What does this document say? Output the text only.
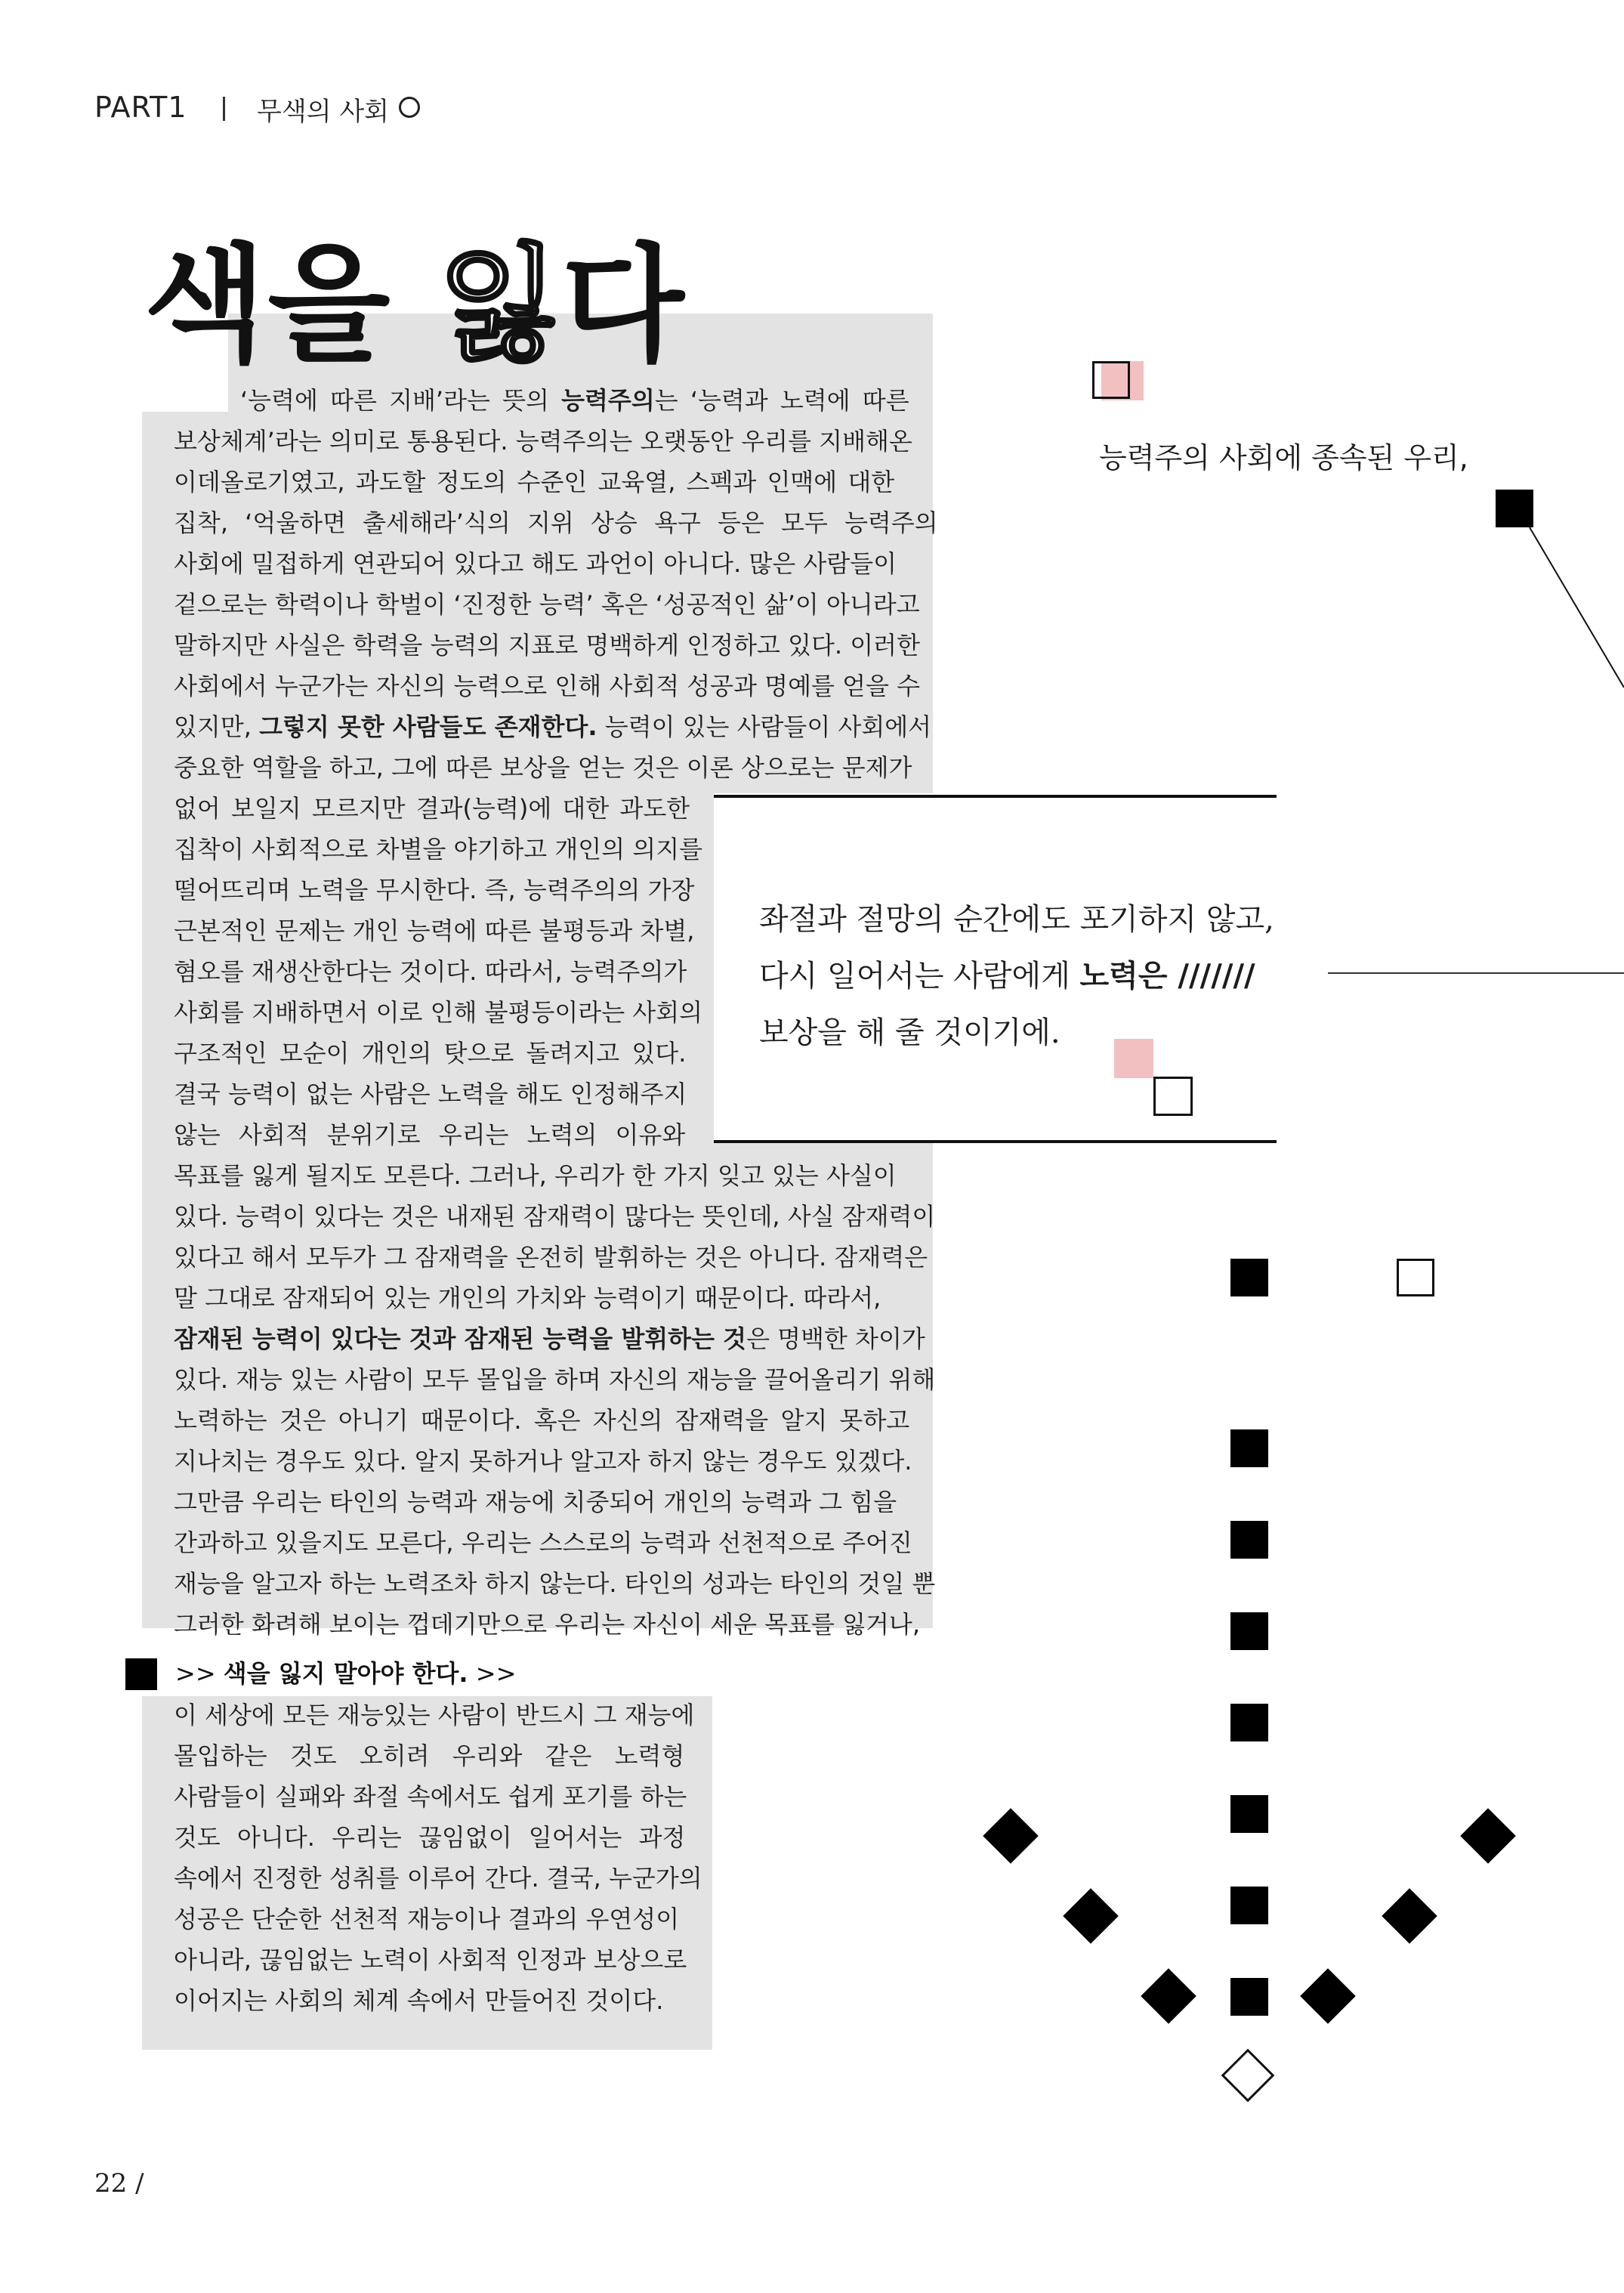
PART1	무색의 사회
색을 잃다
‘능력에 따른 지배’라는 뜻의 능력주의는 ‘능력과 노력에 따른
보상체계’라는 의미로 통용된다. 능력주의는 오랫동안 우리를 지배해온
이데올로기였고, 과도할 정도의 수준인 교육열, 스펙과 인맥에 대한
집착, ‘억울하면 출세해라’식의 지위 상승 욕구 등은 모두 능력주의
사회에 밀접하게 연관되어 있다고 해도 과언이 아니다. 많은 사람들이
겉으로는 학력이나 학벌이 ‘진정한 능력’ 혹은 ‘성공적인 삶’이 아니라고
말하지만 사실은 학력을 능력의 지표로 명백하게 인정하고 있다. 이러한
사회에서 누군가는 자신의 능력으로 인해 사회적 성공과 명예를 얻을 수
있지만, 그렇지 못한 사람들도 존재한다. 능력이 있는 사람들이 사회에서
중요한 역할을 하고, 그에 따른 보상을 얻는 것은 이론 상으로는 문제가
없어 보일지 모르지만 결과(능력)에 대한 과도한
집착이 사회적으로 차별을 야기하고 개인의 의지를
떨어뜨리며 노력을 무시한다. 즉, 능력주의의 가장
근본적인 문제는 개인 능력에 따른 불평등과 차별,
혐오를 재생산한다는 것이다. 따라서, 능력주의가
사회를 지배하면서 이로 인해 불평등이라는 사회의
구조적인 모순이 개인의 탓으로 돌려지고 있다.
결국 능력이 없는 사람은 노력을 해도 인정해주지
않는 사회적 분위기로 우리는 노력의 이유와
목표를 잃게 될지도 모른다. 그러나, 우리가 한 가지 잊고 있는 사실이
있다. 능력이 있다는 것은 내재된 잠재력이 많다는 뜻인데, 사실 잠재력이
있다고 해서 모두가 그 잠재력을 온전히 발휘하는 것은 아니다. 잠재력은
말 그대로 잠재되어 있는 개인의 가치와 능력이기 때문이다. 따라서,
잠재된 능력이 있다는 것과 잠재된 능력을 발휘하는 것은 명백한 차이가
있다. 재능 있는 사람이 모두 몰입을 하며 자신의 재능을 끌어올리기 위해
노력하는 것은 아니기 때문이다. 혹은 자신의 잠재력을 알지 못하고
지나치는 경우도 있다. 알지 못하거나 알고자 하지 않는 경우도 있겠다.
그만큼 우리는 타인의 능력과 재능에 치중되어 개인의 능력과 그 힘을
간과하고 있을지도 모른다, 우리는 스스로의 능력과 선천적으로 주어진
재능을 알고자 하는 노력조차 하지 않는다. 타인의 성과는 타인의 것일 뿐
그러한 화려해 보이는 껍데기만으로 우리는 자신이 세운 목표를 잃거나,
>> 색을 잃지 말아야 한다. >>
이 세상에 모든 재능있는 사람이 반드시 그 재능에
몰입하는 것도 오히려 우리와 같은 노력형
사람들이 실패와 좌절 속에서도 쉽게 포기를 하는
것도 아니다. 우리는 끊임없이 일어서는 과정
속에서 진정한 성취를 이루어 간다. 결국, 누군가의
성공은 단순한 선천적 재능이나 결과의 우연성이
아니라, 끊임없는 노력이 사회적 인정과 보상으로
이어지는 사회의 체계 속에서 만들어진 것이다.
좌절과 절망의 순간에도 포기하지 않고,
다시 일어서는 사람에게 노력은 ///////
보상을 해 줄 것이기에.
능력주의 사회에 종속된 우리,
22 /
